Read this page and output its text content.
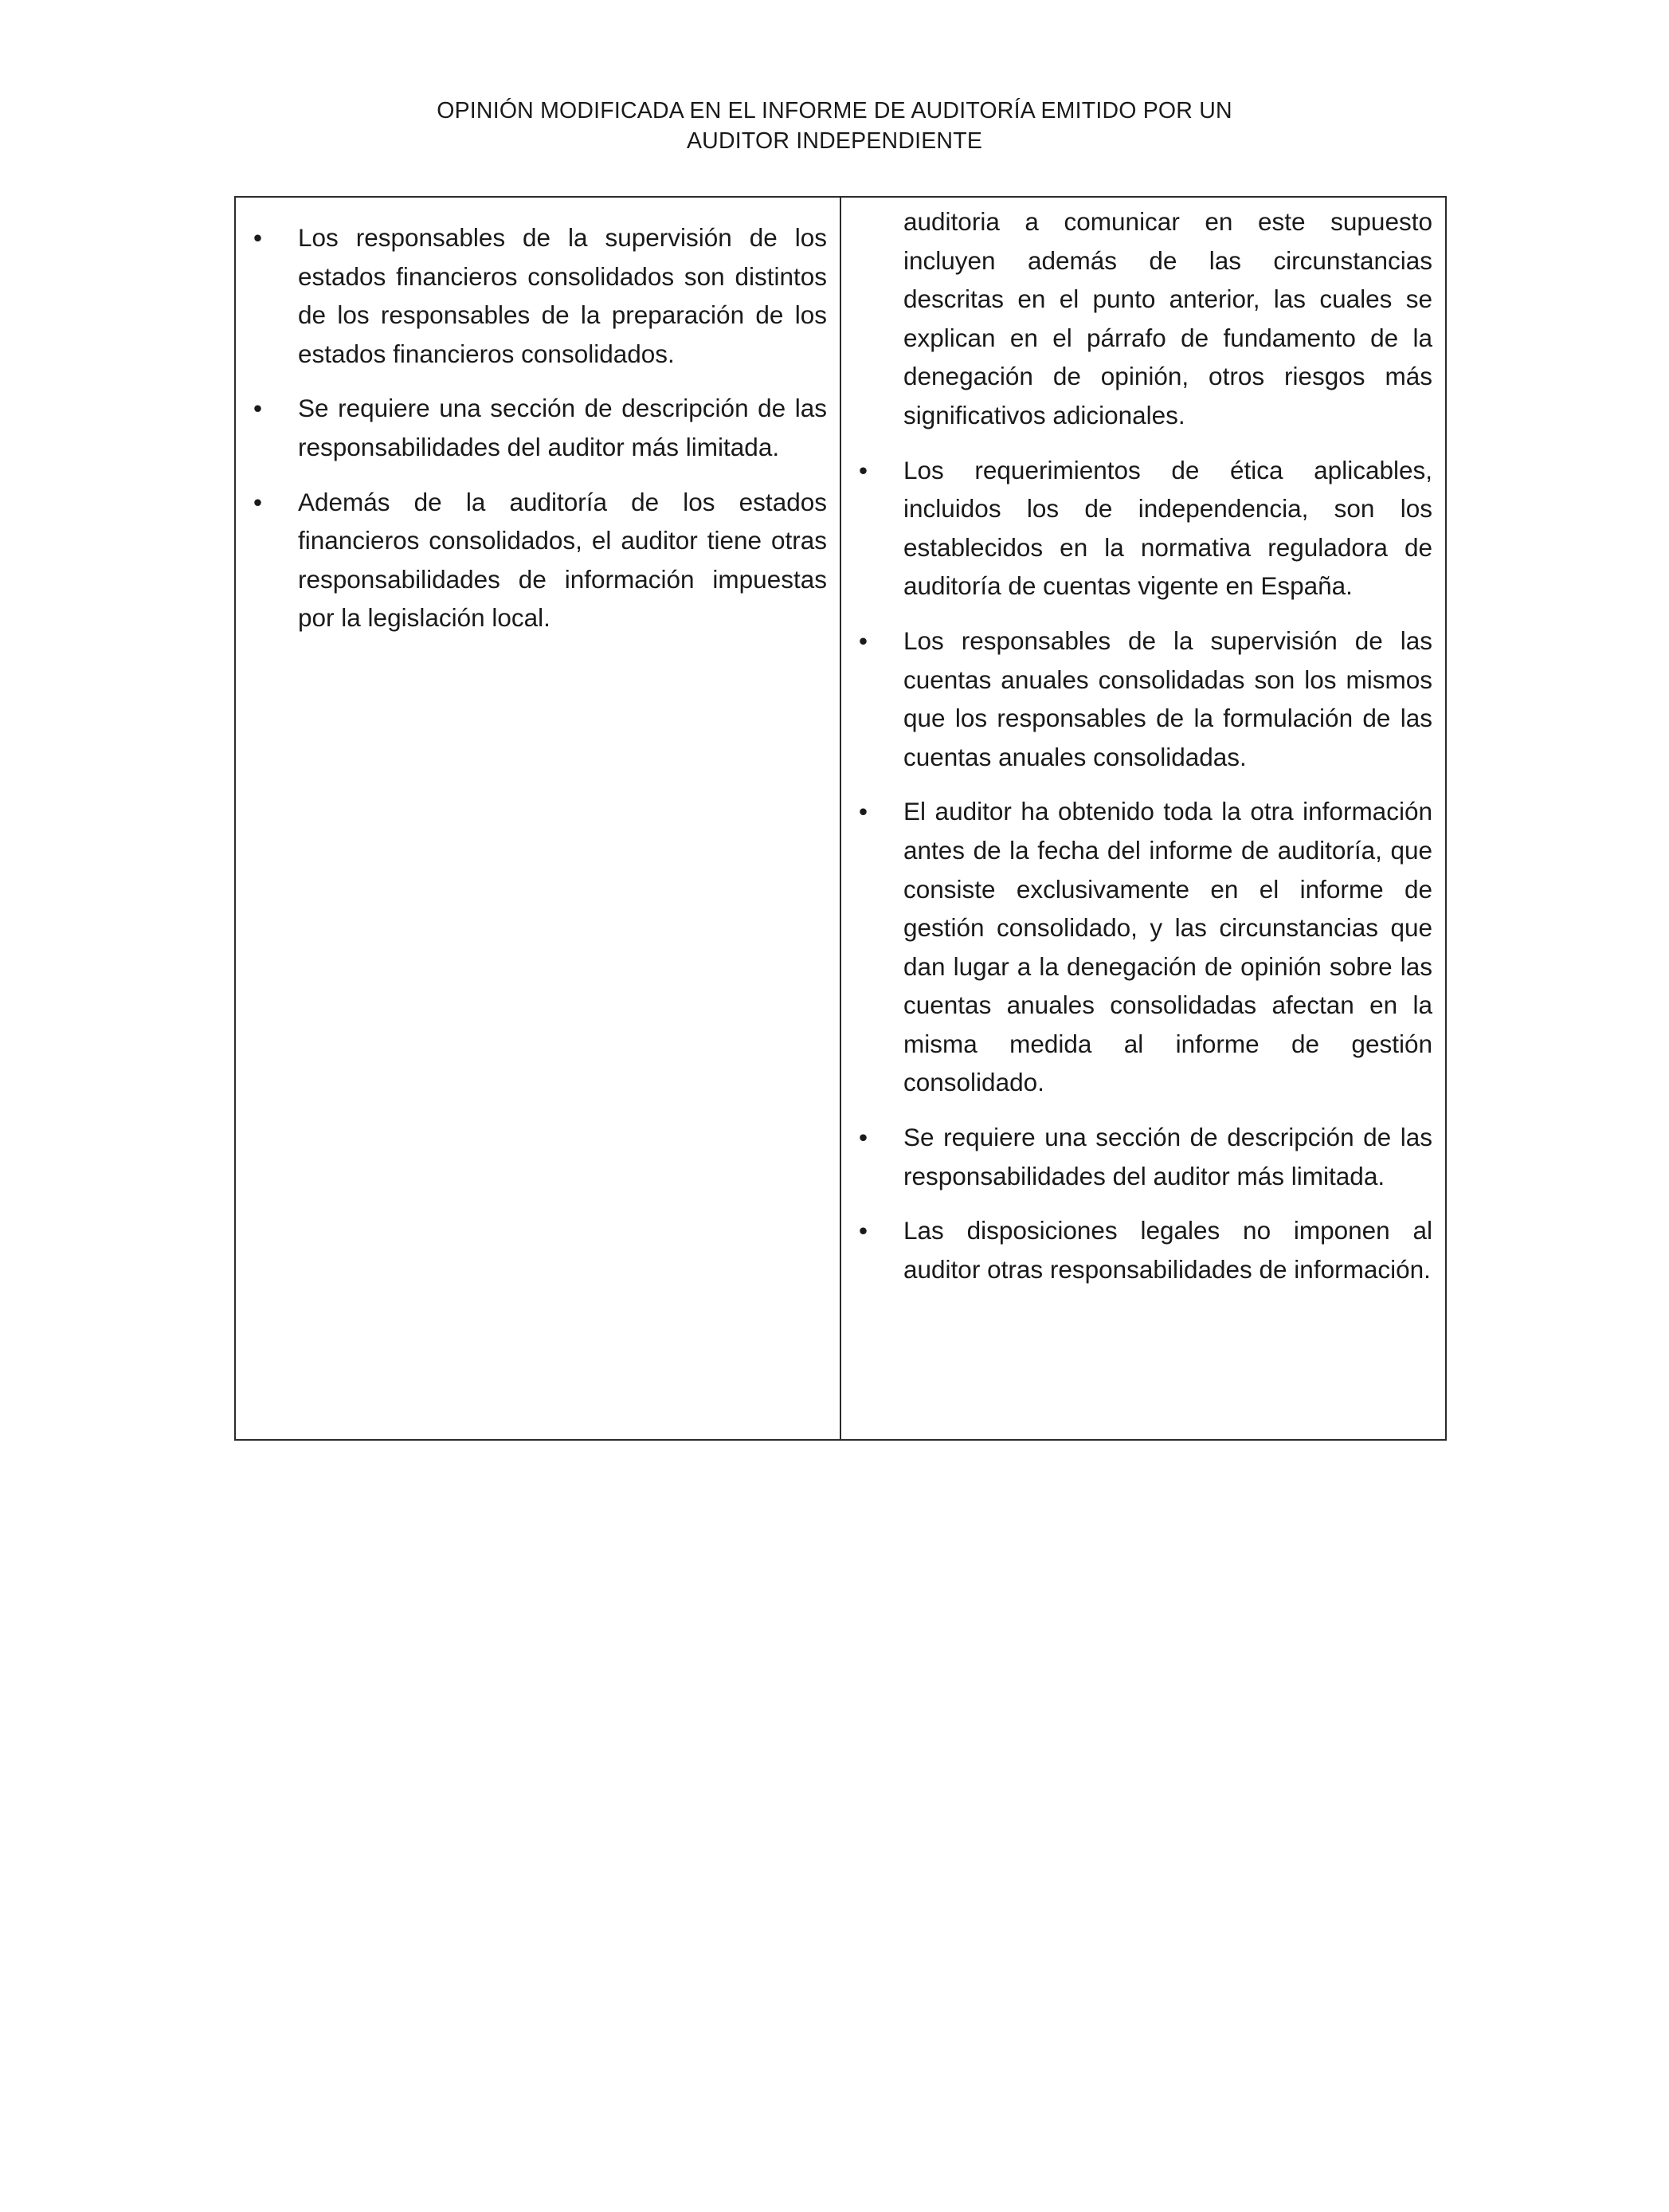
OPINIÓN MODIFICADA EN EL INFORME DE AUDITORÍA EMITIDO POR UN
AUDITOR INDEPENDIENTE
•	Los responsables de la supervisión de los estados financieros consolidados son distintos de los responsables de la preparación de los estados financieros consolidados.
•	Se requiere una sección de descripción de las responsabilidades del auditor más limitada.
•	Además de la auditoría de los estados financieros consolidados, el auditor tiene otras responsabilidades de información impuestas por la legislación local.
auditoria a comunicar en este supuesto incluyen además de las circunstancias descritas en el punto anterior, las cuales se explican en el párrafo de fundamento de la denegación de opinión, otros riesgos más significativos adicionales.
•	Los requerimientos de ética aplicables, incluidos los de independencia, son los establecidos en la normativa reguladora de auditoría de cuentas vigente en España.
•	Los responsables de la supervisión de las cuentas anuales consolidadas son los mismos que los responsables de la formulación de las cuentas anuales consolidadas.
•	El auditor ha obtenido toda la otra información antes de la fecha del informe de auditoría, que consiste exclusivamente en el informe de gestión consolidado, y las circunstancias que dan lugar a la denegación de opinión sobre las cuentas anuales consolidadas afectan en la misma medida al informe de gestión consolidado.
•	Se requiere una sección de descripción de las responsabilidades del auditor más limitada.
•	Las disposiciones legales no imponen al auditor otras responsabilidades de información.
